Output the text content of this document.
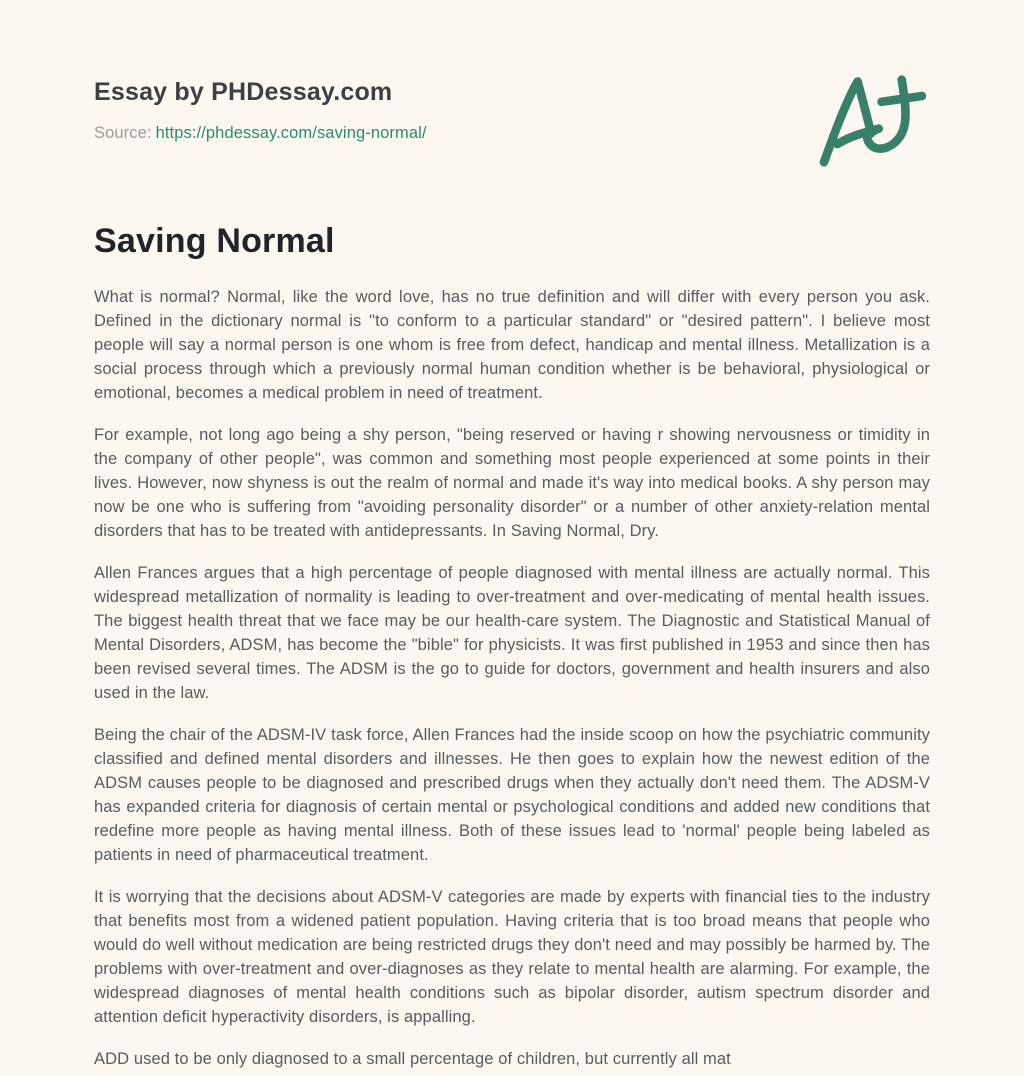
Essay by PHDessay.com
Source: https://phdessay.com/saving-normal/
Saving Normal

What is normal? Normal, like the word love, has no true definition and will differ with every person you ask. Defined in the dictionary normal is "to conform to a particular standard" or "desired pattern". I believe most people will say a normal person is one whom is free from defect, handicap and mental illness. Metallization is a social process through which a previously normal human condition whether is be behavioral, physiological or emotional, becomes a medical problem in need of treatment.

For example, not long ago being a shy person, "being reserved or having r showing nervousness or timidity in the company of other people", was common and something most people experienced at some points in their lives. However, now shyness is out the realm of normal and made it's way into medical books. A shy person may now be one who is suffering from "avoiding personality disorder" or a number of other anxiety-relation mental disorders that has to be treated with antidepressants. In Saving Normal, Dry.

Allen Frances argues that a high percentage of people diagnosed with mental illness are actually normal. This widespread metallization of normality is leading to over-treatment and over-medicating of mental health issues. The biggest health threat that we face may be our health-care system. The Diagnostic and Statistical Manual of Mental Disorders, ADSM, has become the "bible" for physicists. It was first published in 1953 and since then has been revised several times. The ADSM is the go to guide for doctors, government and health insurers and also used in the law.

Being the chair of the ADSM-IV task force, Allen Frances had the inside scoop on how the psychiatric community classified and defined mental disorders and illnesses. He then goes to explain how the newest edition of the ADSM causes people to be diagnosed and prescribed drugs when they actually don't need them. The ADSM-V has expanded criteria for diagnosis of certain mental or psychological conditions and added new conditions that redefine more people as having mental illness. Both of these issues lead to 'normal' people being labeled as patients in need of pharmaceutical treatment.

It is worrying that the decisions about ADSM-V categories are made by experts with financial ties to the industry that benefits most from a widened patient population. Having criteria that is too broad means that people who would do well without medication are being restricted drugs they don't need and may possibly be harmed by. The problems with over-treatment and over-diagnoses as they relate to mental health are alarming. For example, the widespread diagnoses of mental health conditions such as bipolar disorder, autism spectrum disorder and attention deficit hyperactivity disorders, is appalling.

ADD used to be only diagnosed to a small percentage of children, but currently all mat
